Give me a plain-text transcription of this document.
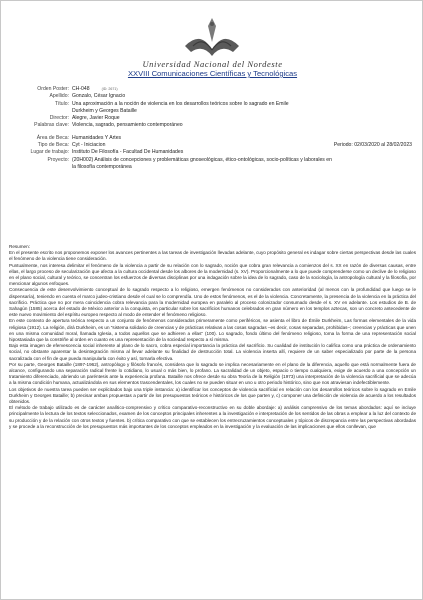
Universidad Nacional del Nordeste
XXVIII Comunicaciones Científicas y Tecnológicas
Orden Poster: CH-048	(ID: 2671)
Apellido: Gonzalo, César Ignacio
Título: Una aproximación a la noción de violencia en los desarrollos teóricos sobre lo sagrado en Emile
Durkheim y Georges Bataille
Director: Alegre, Javier Roque
Palabras clave: Violencia, sagrado, pensamiento contemporáneo
Área de Beca: Humanidades Y Artes
Tipo de Beca: Cyt - Iniciacion	Periodo: 02/03/2020 al 28/02/2023
Lugar de trabajo: Instituto De Filosofía - Facultad De Humanidades
Proyecto: (20H002) Análisis de concepciones y problemáticas gnoseológicas, ético-ontológicas, socio-políticas y laborales en
la filosofía contemporánea

Resumen:

En el presente escrito nos proponemos exponer los avances pertinentes a las tareas de investigación llevadas adelante, cuyo propósito general es indagar sobre ciertas perspectivas desde las cuales el fenómeno de la violencia tiene consideración.

Puntualmente, nos interesa delimitar el fenómeno de la violencia a partir de su relación con lo sagrado, noción que cobra gran relevancia a comienzos del s. XX en razón de diversas causas, entre ellas, el largo proceso de secularización que afecta a la cultura occidental desde los albores de la modernidad (s. XV). Proporcionalmente a lo que puede comprenderse como un declive de lo religioso en el plano social, cultural y teórico, se concentran los esfuerzos de diversas disciplinas por una indagación sobre la idea de lo sagrado, caso de la sociología, la antropología cultural y la filosofía, por mencionar algunos enfoques.

Consecuencia de este desenvolvimiento conceptual de lo sagrado respecto a lo religioso, emergen fenómenos no considerados con anterioridad (al menos con la profundidad que luego se le dispensaría), teniendo en cuenta el marco judeo-cristiano desde el cual se lo comprendía. Uno de estos fenómenos, es el de la violencia. Concretamente, la presencia de la violencia en la práctica del sacrificio. Práctica que no por mera coincidencia cobra relevancia para la modernidad europea en paralelo al proceso colonizador consumado desde el s. XV en adelante. Los estudios de B. de Sahagún (1585) acerca del estado de México anterior a la conquista, en particular sobre los sacrificios humanos celebrados en gran número en los templos aztecas, son un concreto antecedente de este nuevo movimiento del espíritu europeo respecto al modo de entender el fenómeno religioso.

En este contexto de apertura teórica respecto a un conjunto de fenómenos considerados primeramente como periféricos, se asienta el libro de Émile Durkheim, Las formas elementales de la vida religiosa (1912). La religión, dirá Durkheim, es un "sistema solidario de creencias y de prácticas relativas a las cosas sagradas –es decir, cosas separadas, prohibidas–; creencias y prácticas que unen en una misma comunidad moral, llamada Iglesia, a todos aquellos que se adhieren a ellas" (100). Lo sagrado, fondo último del fenómeno religioso, toma la forma de una representación social hipostasiada que la constriñe al orden en cuanto es una representación de la sociedad respecto a sí misma.

Bajo esta imagen de efervescencia social inherente al plano de lo sacro, cobra especial importancia la práctica del sacrificio. Su cualidad de institución lo califica como una práctica de ordenamiento social, no obstante aparentar la desintegración misma al llevar adelante su finalidad de destrucción total. La violencia inserta allí, requiere de un saber especializado por parte de la persona sacralizada con el fin de que pueda manipularla con éxito y así, tornarla efectiva.

Por su parte, Georges Bataille (1897-1962), antropólogo y filósofo francés, considera que lo sagrado se implica necesariamente en el plano de la diferencia, aquello que está normalmente fuera de alcance, configurando una separación radical frente lo cotidiano, lo usual o más bien, lo profano. La sacralidad de un objeto, espacio o tiempo cualquiera, exige de acuerdo a una concepción un tratamiento diferenciado, abriendo un paréntesis ante la experiencia profana. Bataille nos ofrece desde su obra Teoría de la Religión (1973) una interpretación de la violencia sacrificial que se adecúa a la misma condición humana, actualizándola en sus elementos trascendentales, los cuales no se pueden situar en uno u otro periodo histórico, sino que nos atraviesan indefectiblemente.

Los objetivos de nuestra tarea pueden ser explicitados bajo una triple instancia: a) identificar los conceptos de violencia sacrificial en relación con los desarrollos teóricos sobre lo sagrado en Emile Durkheim y Georges Bataille; b) precisar ambas propuestas a partir de los presupuestos teóricos e históricos de los que parten y, c) componer una definición de violencia de acuerdo a los resultados obtenidos.

El método de trabajo utilizado es de carácter analítico-comprensivo y crítico comparativo-reconstructivo en su doble abordaje: a) análisis comprensivo de los temas abordados: aquí se incluye principalmente la lectura de los textos seleccionados, examen de los conceptos principales inherentes a la investigación e interpretación de los sentidos de las obras a emplear a la luz del contexto de su producción y de la relación con otros textos y fuentes. b) crítica comparativo con que se establecen los entrecruzamientos conceptuales y tópicos de discrepancia entre las perspectivas abordadas y se procede a la reconstrucción de los presupuestos más importantes de los conceptos empleados en la investigación y la evaluación de las implicaciones que ellos conllevan, que
